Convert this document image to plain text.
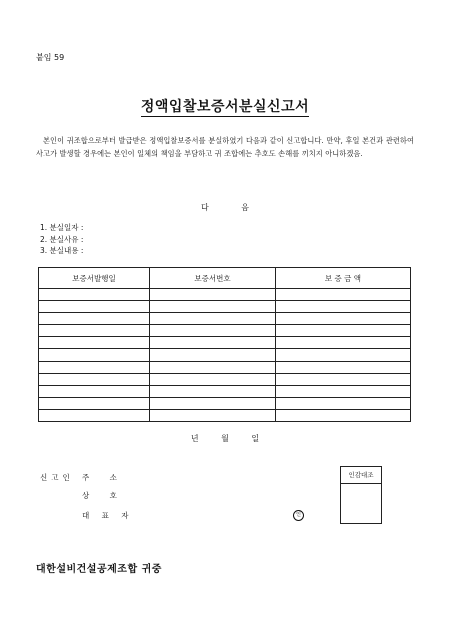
붙임 59
정액입찰보증서분실신고서
본인이 귀조합으로부터 발급받은 정액입찰보증서를 분실하였기 다음과 같이 신고합니다. 만약, 후일 본건과 관련하여 사고가 발생할 경우에는 본인이 일체의 책임을 부담하고 귀 조합에는 추호도 손해를 끼치지 아니하겠음.
다 음
1. 분실일자 :
2. 분실사유 :
3. 분실내용 :
보증서발행일	보증서번호	보 증 금 액

년 월 일
신고인 주 소
상 호
대 표 자	인
인감대조
대한설비건설공제조합 귀중
